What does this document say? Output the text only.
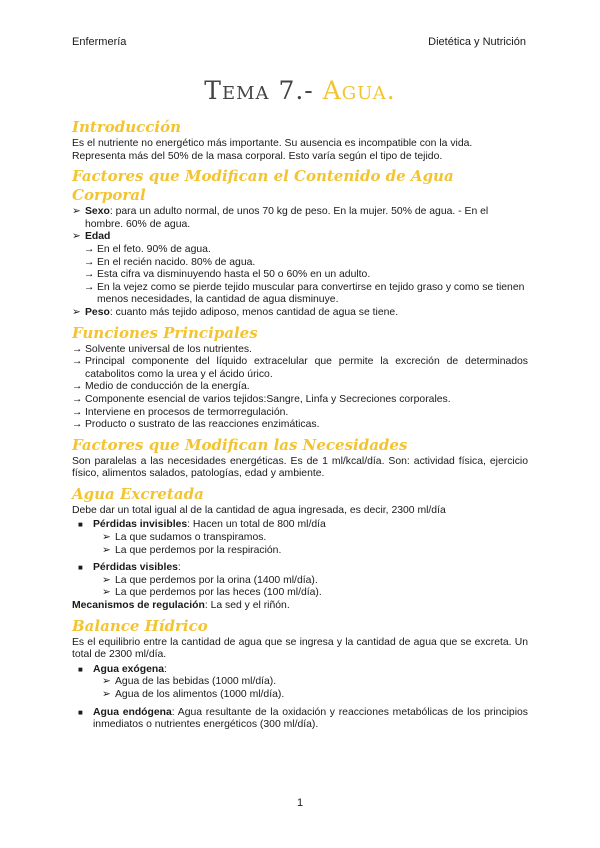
Enfermería	Dietética y Nutrición
Tema 7.- Agua.
Introducción

Es el nutriente no energético más importante. Su ausencia es incompatible con la vida. Representa más del 50% de la masa corporal. Esto varía según el tipo de tejido.

Factores que Modifican el Contenido de Agua Corporal
➢ Sexo: para un adulto normal, de unos 70 kg de peso. En la mujer. 50% de agua. - En el hombre. 60% de agua.
➢ Edad
→ En el feto. 90% de agua.
→ En el recién nacido. 80% de agua.
→ Esta cifra va disminuyendo hasta el 50 o 60% en un adulto.
→ En la vejez como se pierde tejido muscular para convertirse en tejido graso y como se tienen menos necesidades, la cantidad de agua disminuye.
➢ Peso: cuanto más tejido adiposo, menos cantidad de agua se tiene.
Funciones Principales
→ Solvente universal de los nutrientes.
→ Principal componente del líquido extracelular que permite la excreción de determinados catabolitos como la urea y el ácido úrico.
→ Medio de conducción de la energía.
→ Componente esencial de varios tejidos:Sangre, Linfa y Secreciones corporales.
→ Interviene en procesos de termorregulación.
→ Producto o sustrato de las reacciones enzimáticas.
Factores que Modifican las Necesidades

Son paralelas a las necesidades energéticas. Es de 1 ml/kcal/día. Son: actividad física, ejercicio físico, alimentos salados, patologías, edad y ambiente.

Agua Excretada

Debe dar un total igual al de la cantidad de agua ingresada, es decir, 2300 ml/día

■ Pérdidas invisibles: Hacen un total de 800 ml/día
➢ La que sudamos o transpiramos.
➢ La que perdemos por la respiración.
■ Pérdidas visibles:
➢ La que perdemos por la orina (1400 ml/día).
➢ La que perdemos por las heces (100 ml/día).

Mecanismos de regulación: La sed y el riñón.

Balance Hídrico

Es el equilibrio entre la cantidad de agua que se ingresa y la cantidad de agua que se excreta. Un total de 2300 ml/día.

■ Agua exógena:
➢ Agua de las bebidas (1000 ml/día).
➢ Agua de los alimentos (1000 ml/día).
■ Agua endógena: Agua resultante de la oxidación y reacciones metabólicas de los principios inmediatos o nutrientes energéticos (300 ml/día).
1
